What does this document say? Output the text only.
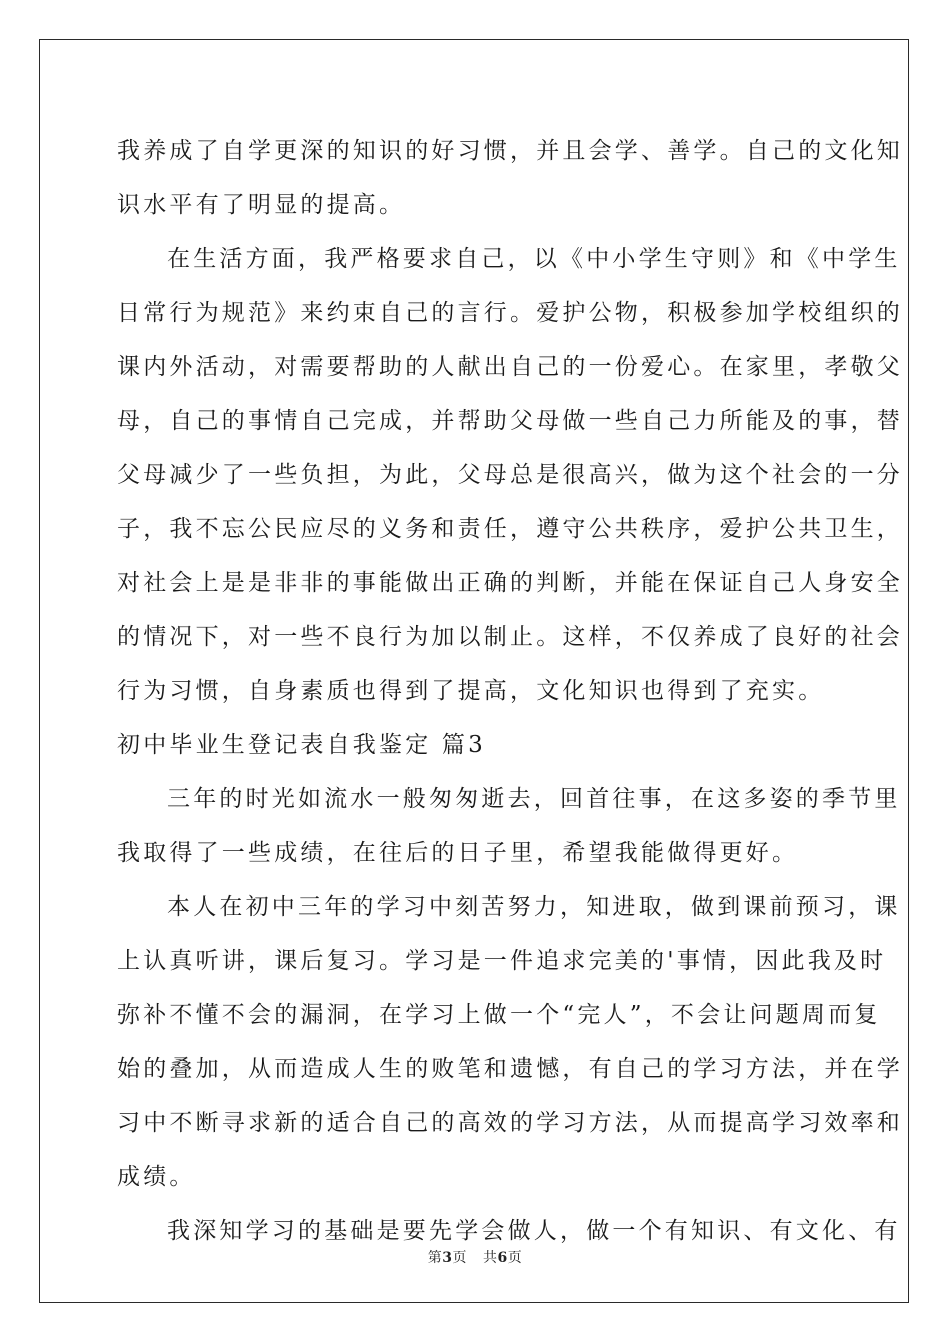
我养成了自学更深的知识的好习惯，并且会学、善学。自己的文化知
识水平有了明显的提高。
在生活方面，我严格要求自己，以《中小学生守则》和《中学生
日常行为规范》来约束自己的言行。爱护公物，积极参加学校组织的
课内外活动，对需要帮助的人献出自己的一份爱心。在家里，孝敬父
母，自己的事情自己完成，并帮助父母做一些自己力所能及的事，替
父母减少了一些负担，为此，父母总是很高兴，做为这个社会的一分
子，我不忘公民应尽的义务和责任，遵守公共秩序，爱护公共卫生，
对社会上是是非非的事能做出正确的判断，并能在保证自己人身安全
的情况下，对一些不良行为加以制止。这样，不仅养成了良好的社会
行为习惯，自身素质也得到了提高，文化知识也得到了充实。
初中毕业生登记表自我鉴定 篇3
三年的时光如流水一般匆匆逝去，回首往事，在这多姿的季节里
我取得了一些成绩，在往后的日子里，希望我能做得更好。
本人在初中三年的学习中刻苦努力，知进取，做到课前预习，课
上认真听讲，课后复习。学习是一件追求完美的'事情，因此我及时
弥补不懂不会的漏洞，在学习上做一个“完人”，不会让问题周而复
始的叠加，从而造成人生的败笔和遗憾，有自己的学习方法，并在学
习中不断寻求新的适合自己的高效的学习方法，从而提高学习效率和
成绩。
我深知学习的基础是要先学会做人，做一个有知识、有文化、有
第3页 共6页
